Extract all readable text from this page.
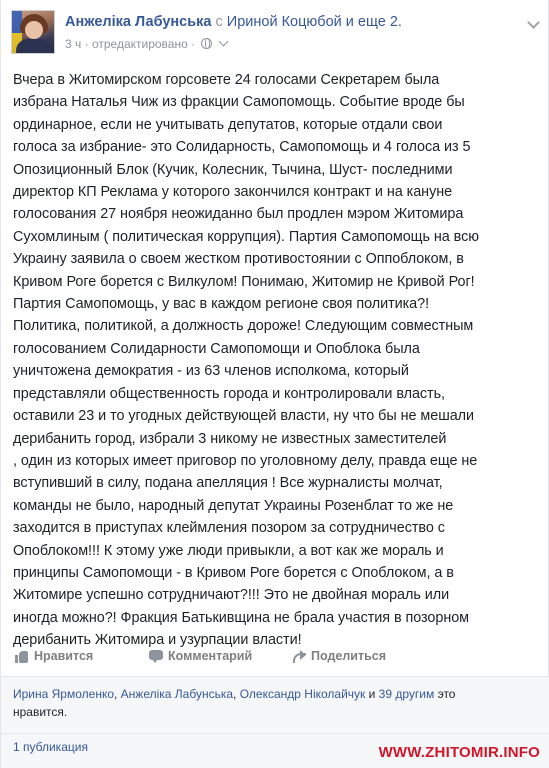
Анжеліка Лабунська с Ириной Коцюбой и еще 2.
3 ч · отредактировано ·
Вчера в Житомирском горсовете 24 голосами Секретарем была
избрана Наталья Чиж из фракции Самопомощь. Событие вроде бы
ординарное, если не учитывать депутатов, которые отдали свои
голоса за избрание- это Солидарность, Самопомощь и 4 голоса из 5
Опозиционный Блок (Кучик, Колесник, Тычина, Шуст- последними
директор КП Реклама у которого закончился контракт и на кануне
голосования 27 ноября неожиданно был продлен мэром Житомира
Сухомлиным ( политическая коррупция). Партия Самопомощь на всю
Украину заявила о своем жестком противостоянии с Оппоблоком, в
Кривом Роге борется с Вилкулом! Понимаю, Житомир не Кривой Рог!
Партия Самопомощь, у вас в каждом регионе своя политика?!
Политика, политикой, а должность дороже! Следующим совместным
голосованием Солидарности Самопомощи и Опоблока была
уничтожена демократия - из 63 членов исполкома, который
представляли общественность города и контролировали власть,
оставили 23 и то угодных действующей власти, ну что бы не мешали
дерибанить город, избрали 3 никому не известных заместителей
, один из которых имеет приговор по уголовному делу, правда еще не
вступивший в силу, подана апелляция ! Все журналисты молчат,
команды не было, народный депутат Украины Розенблат то же не
заходится в приступах клеймления позором за сотрудничество с
Опоблоком!!! К этому уже люди привыкли, а вот как же мораль и
принципы Самопомощи - в Кривом Роге борется с Опоблоком, а в
Житомире успешно сотрудничают?!!! Это не двойная мораль или
иногда можно?! Фракция Батькивщина не брала участия в позорном
дерибанить Житомира и узурпации власти!
Нравится	Комментарий	Поделиться
Ирина Ярмоленко, Анжеліка Лабунська, Олександр Ніколайчук и 39 другим это
нравится.
1 публикация	WWW.ZHITOMIR.INFO
